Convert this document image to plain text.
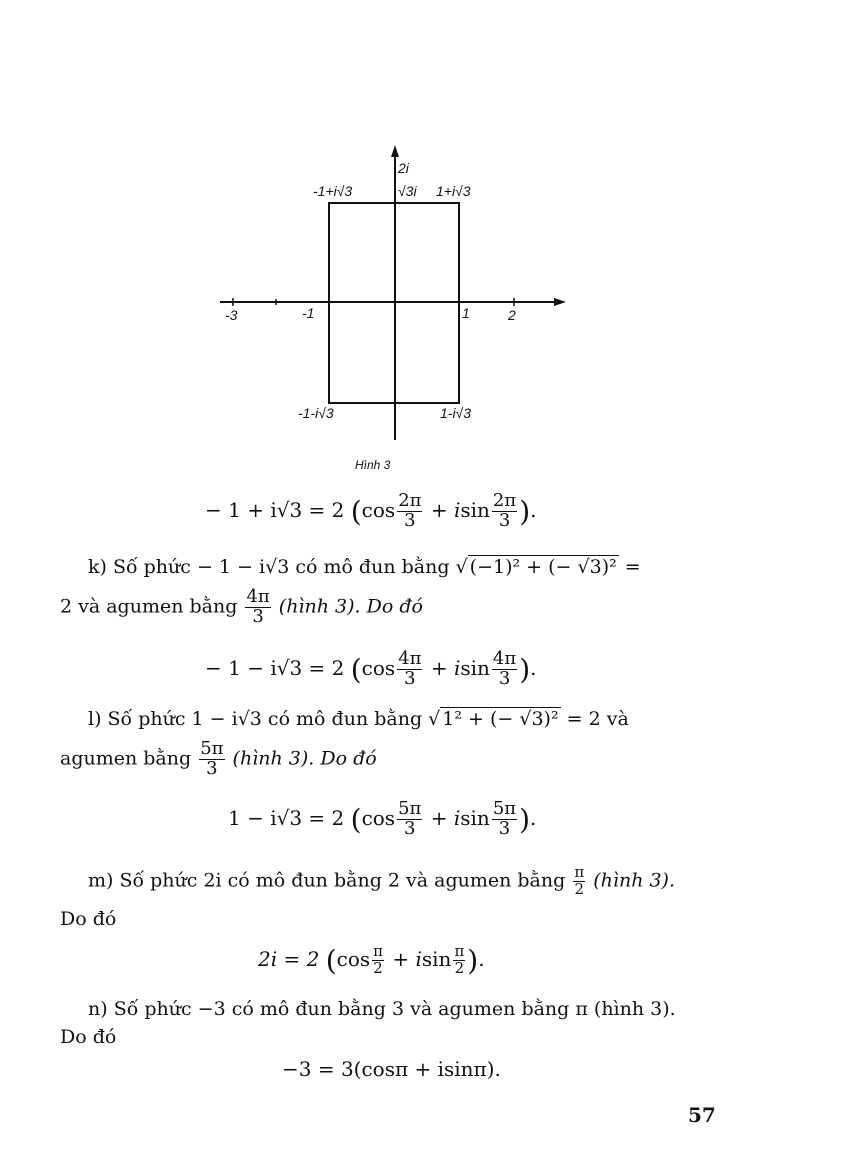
2i
-1+i√3	√3i 1+i√3
-3	-1	1	2
-1-i√3	1-i√3
Hình 3
− 1 + i√3 = 2 ($\cos \frac{2\pi}{3} + isin \frac{2\pi}{3}$ ).
k) Số phức − 1 − i√3 có mô đun bằng √ (−1)² + (− √3)² =
2 và agumen bằng $\frac{4\pi}{3}$ (hình 3). Do đó
− 1 − i√3 = 2 ($\cos \frac{4\pi}{3} + isin \frac{4\pi}{3}$ ).
l) Số phức 1 − i√3 có mô đun bằng √ 1² + (− √3)² = 2 và
agumen bằng $\frac{5\pi}{3}$ (hình 3). Do đó
1 − i√3 = 2 ($\cos \frac{5\pi}{3} + isin \frac{5\pi}{3}$ ).
m) Số phức 2i có mô đun bằng 2 và agumen bằng $\frac{\pi}{2}$ (hình 3).
Do đó
2i = 2 ($\cos \frac{\pi}{2} + isin \frac{\pi}{2}$ ).
n) Số phức −3 có mô đun bằng 3 và agumen bằng π (hình 3).
Do đó
−3 = 3(cosπ + isinπ).
57
